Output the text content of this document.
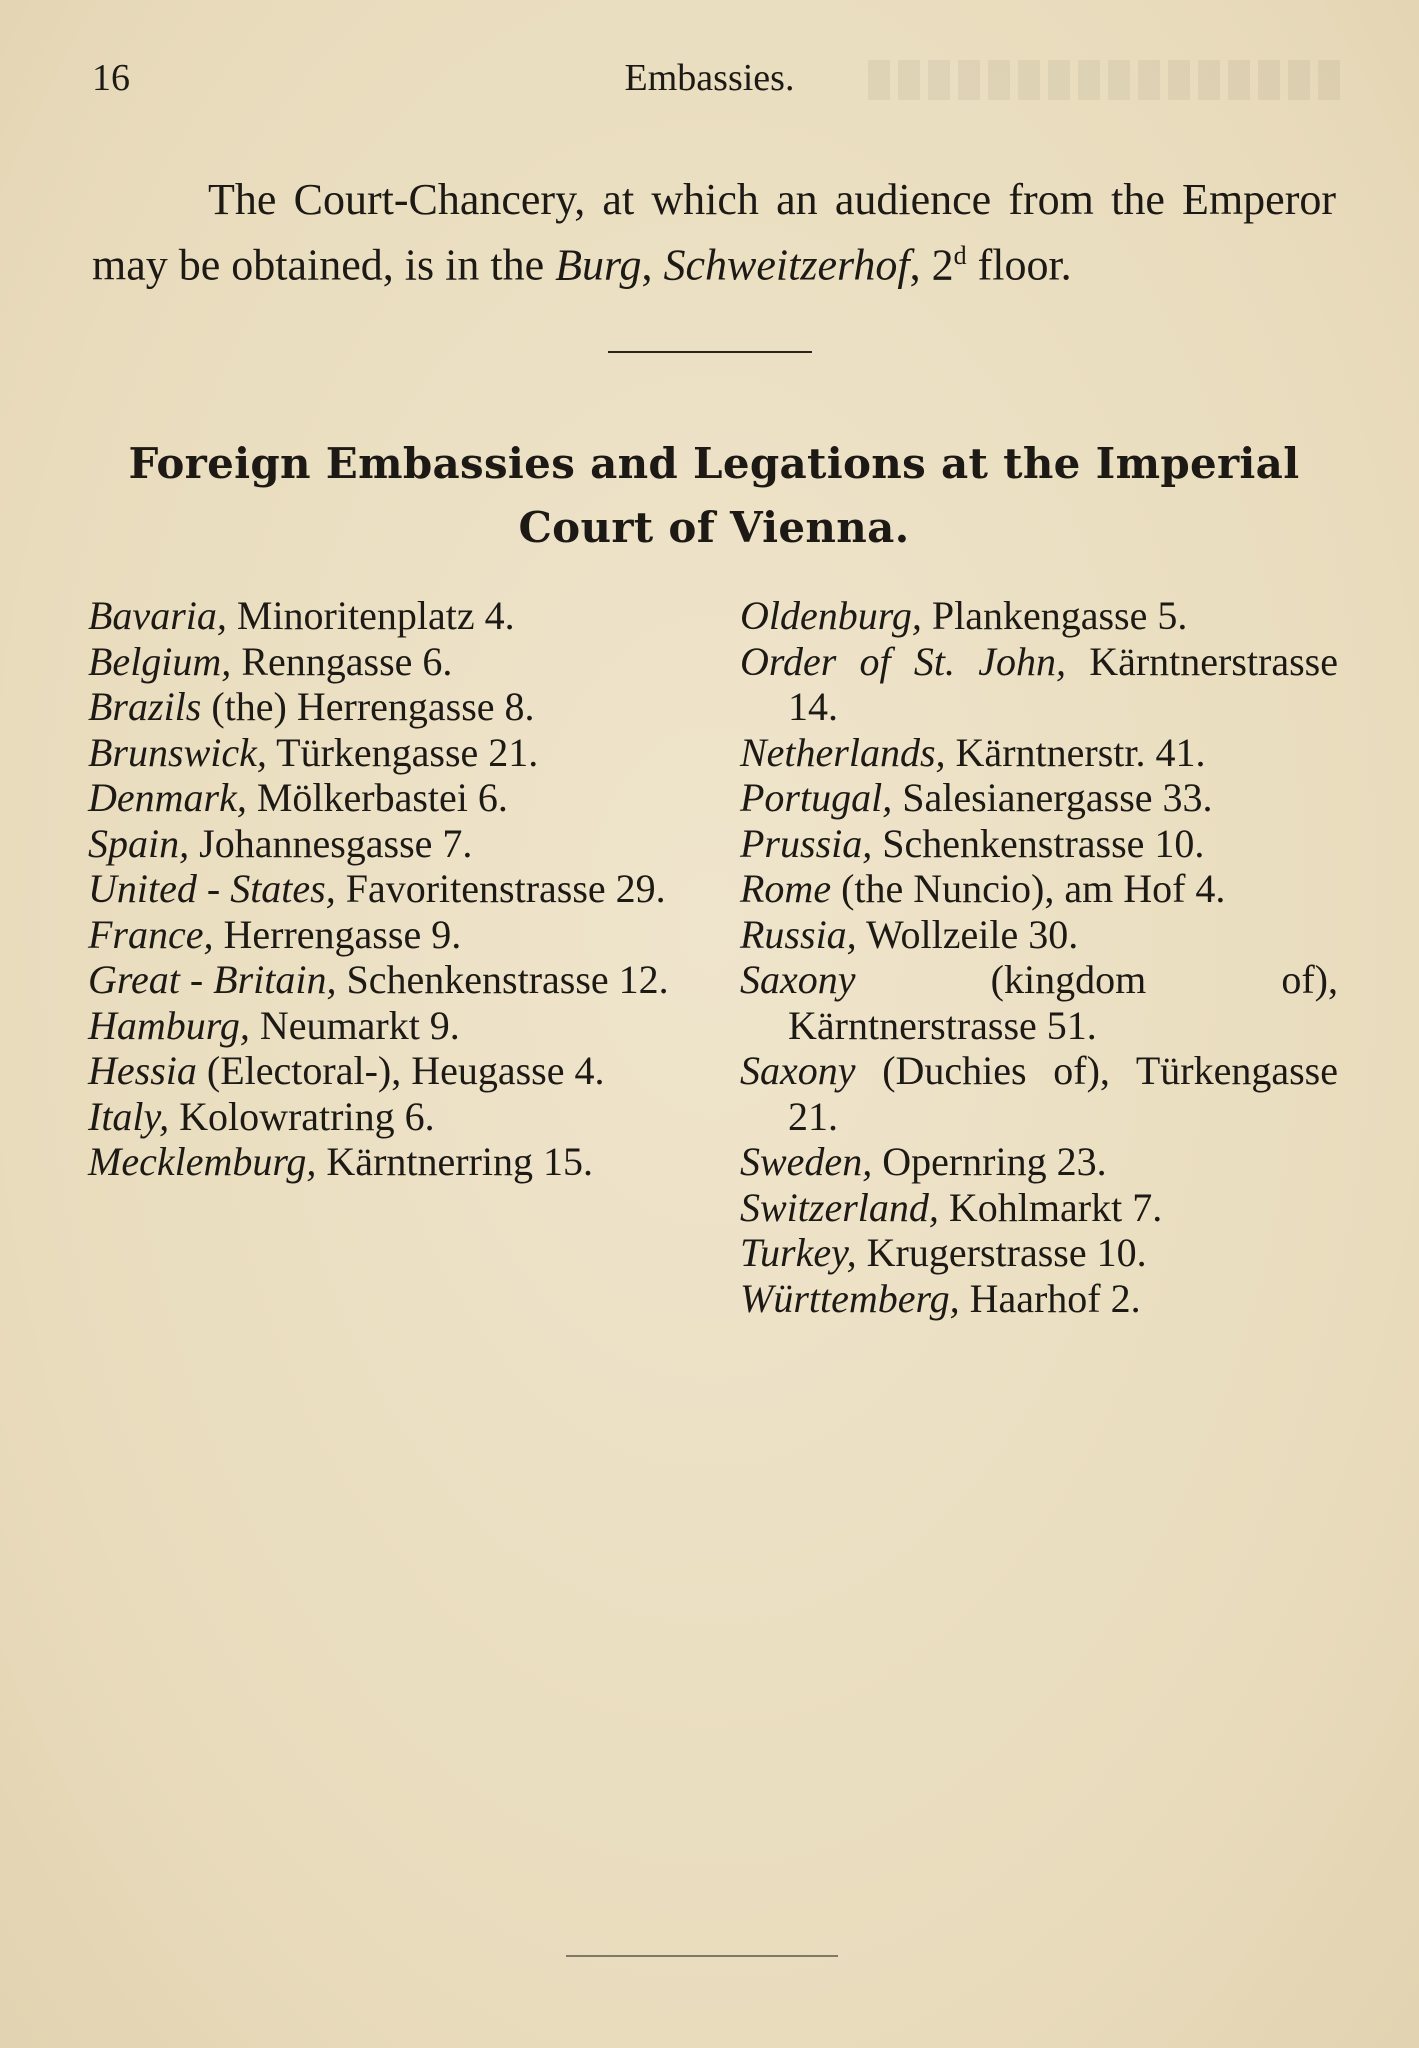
16	Embassies.

The Court-Chancery, at which an audience from the Emperor may be obtained, is in the Burg, Schweitzerhof, 2$^d$ floor.

Foreign Embassies and Legations at the Imperial
Court of Vienna.
Bavaria, Minoritenplatz 4.
Belgium, Renngasse 6.
Brazils (the) Herrengasse 8.
Brunswick, Türkengasse 21.
Denmark, Mölkerbastei 6.
Spain, Johannesgasse 7.
United - States, Favoritenstrasse 29.
France, Herrengasse 9.
Great - Britain, Schenkenstrasse 12.
Hamburg, Neumarkt 9.
Hessia (Electoral-), Heugasse 4.
Italy, Kolowratring 6.
Mecklemburg, Kärntnerring 15.
Oldenburg, Plankengasse 5.
Order of St. John, Kärntnerstrasse 14.
Netherlands, Kärntnerstr. 41.
Portugal, Salesianergasse 33.
Prussia, Schenkenstrasse 10.
Rome (the Nuncio), am Hof 4.
Russia, Wollzeile 30.
Saxony (kingdom of), Kärntnerstrasse 51.
Saxony (Duchies of), Türkengasse 21.
Sweden, Opernring 23.
Switzerland, Kohlmarkt 7.
Turkey, Krugerstrasse 10.
Württemberg, Haarhof 2.
